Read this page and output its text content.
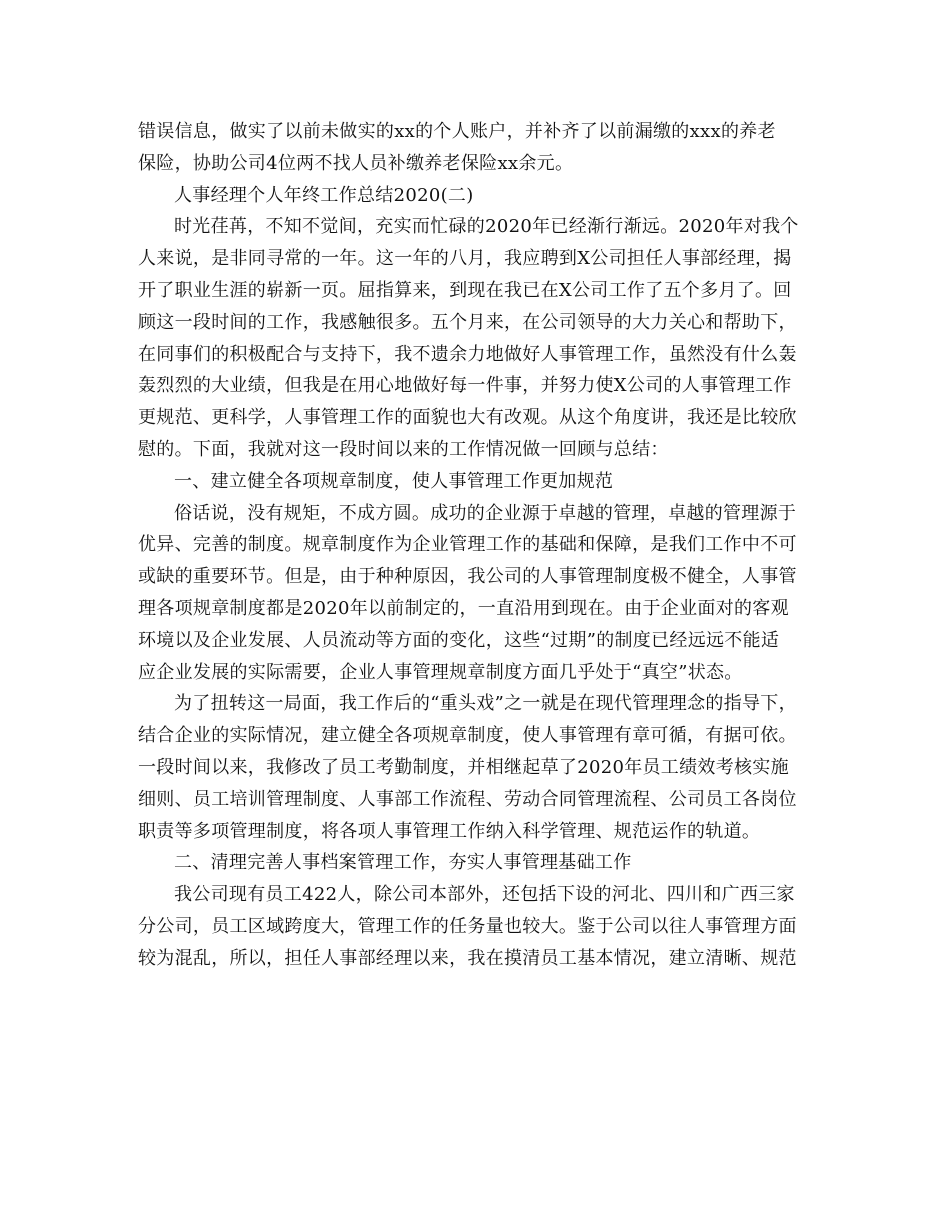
错误信息，做实了以前未做实的xx的个人账户，并补齐了以前漏缴的xxx的养老
保险，协助公司4位两不找人员补缴养老保险xx余元。
人事经理个人年终工作总结2020(二)
时光荏苒，不知不觉间，充实而忙碌的2020年已经渐行渐远。2020年对我个
人来说，是非同寻常的一年。这一年的八月，我应聘到X公司担任人事部经理，揭
开了职业生涯的崭新一页。屈指算来，到现在我已在X公司工作了五个多月了。回
顾这一段时间的工作，我感触很多。五个月来，在公司领导的大力关心和帮助下，
在同事们的积极配合与支持下，我不遗余力地做好人事管理工作，虽然没有什么轰
轰烈烈的大业绩，但我是在用心地做好每一件事，并努力使X公司的人事管理工作
更规范、更科学，人事管理工作的面貌也大有改观。从这个角度讲，我还是比较欣
慰的。下面，我就对这一段时间以来的工作情况做一回顾与总结：
一、建立健全各项规章制度，使人事管理工作更加规范
俗话说，没有规矩，不成方圆。成功的企业源于卓越的管理，卓越的管理源于
优异、完善的制度。规章制度作为企业管理工作的基础和保障，是我们工作中不可
或缺的重要环节。但是，由于种种原因，我公司的人事管理制度极不健全，人事管
理各项规章制度都是2020年以前制定的，一直沿用到现在。由于企业面对的客观
环境以及企业发展、人员流动等方面的变化，这些“过期”的制度已经远远不能适
应企业发展的实际需要，企业人事管理规章制度方面几乎处于“真空”状态。
为了扭转这一局面，我工作后的“重头戏”之一就是在现代管理理念的指导下，
结合企业的实际情况，建立健全各项规章制度，使人事管理有章可循，有据可依。
一段时间以来，我修改了员工考勤制度，并相继起草了2020年员工绩效考核实施
细则、员工培训管理制度、人事部工作流程、劳动合同管理流程、公司员工各岗位
职责等多项管理制度，将各项人事管理工作纳入科学管理、规范运作的轨道。
二、清理完善人事档案管理工作，夯实人事管理基础工作
我公司现有员工422人，除公司本部外，还包括下设的河北、四川和广西三家
分公司，员工区域跨度大，管理工作的任务量也较大。鉴于公司以往人事管理方面
较为混乱，所以，担任人事部经理以来，我在摸清员工基本情况，建立清晰、规范
